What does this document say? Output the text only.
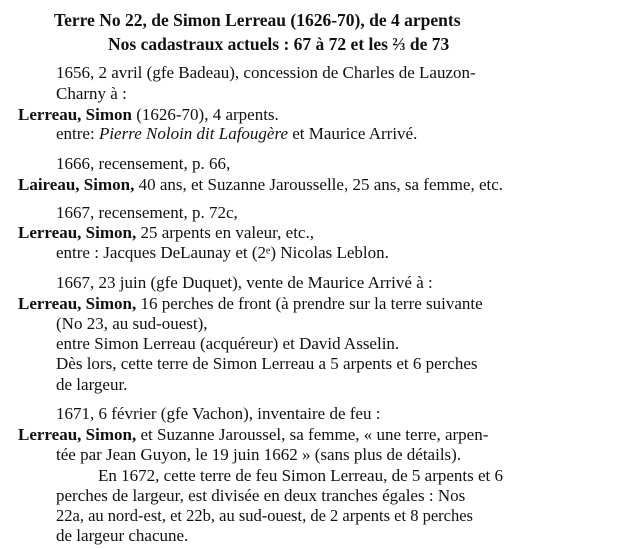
Terre No 22, de Simon Lerreau (1626-70), de 4 arpents
Nos cadastraux actuels : 67 à 72 et les ⅔ de 73
1656, 2 avril (gfe Badeau), concession de Charles de Lauzon-
Charny à :
Lerreau, Simon (1626-70), 4 arpents.
entre: Pierre Noloin dit Lafougère et Maurice Arrivé.
1666, recensement, p. 66,
Laireau, Simon, 40 ans, et Suzanne Jarousselle, 25 ans, sa femme, etc.
1667, recensement, p. 72c,
Lerreau, Simon, 25 arpents en valeur, etc.,
entre : Jacques DeLaunay et (2ᵉ) Nicolas Leblon.
1667, 23 juin (gfe Duquet), vente de Maurice Arrivé à :
Lerreau, Simon, 16 perches de front (à prendre sur la terre suivante
(No 23, au sud-ouest),
entre Simon Lerreau (acquéreur) et David Asselin.
Dès lors, cette terre de Simon Lerreau a 5 arpents et 6 perches
de largeur.
1671, 6 février (gfe Vachon), inventaire de feu :
Lerreau, Simon, et Suzanne Jaroussel, sa femme, « une terre, arpen-
tée par Jean Guyon, le 19 juin 1662 » (sans plus de détails).
En 1672, cette terre de feu Simon Lerreau, de 5 arpents et 6
perches de largeur, est divisée en deux tranches égales : Nos
22a, au nord-est, et 22b, au sud-ouest, de 2 arpents et 8 perches
de largeur chacune.
